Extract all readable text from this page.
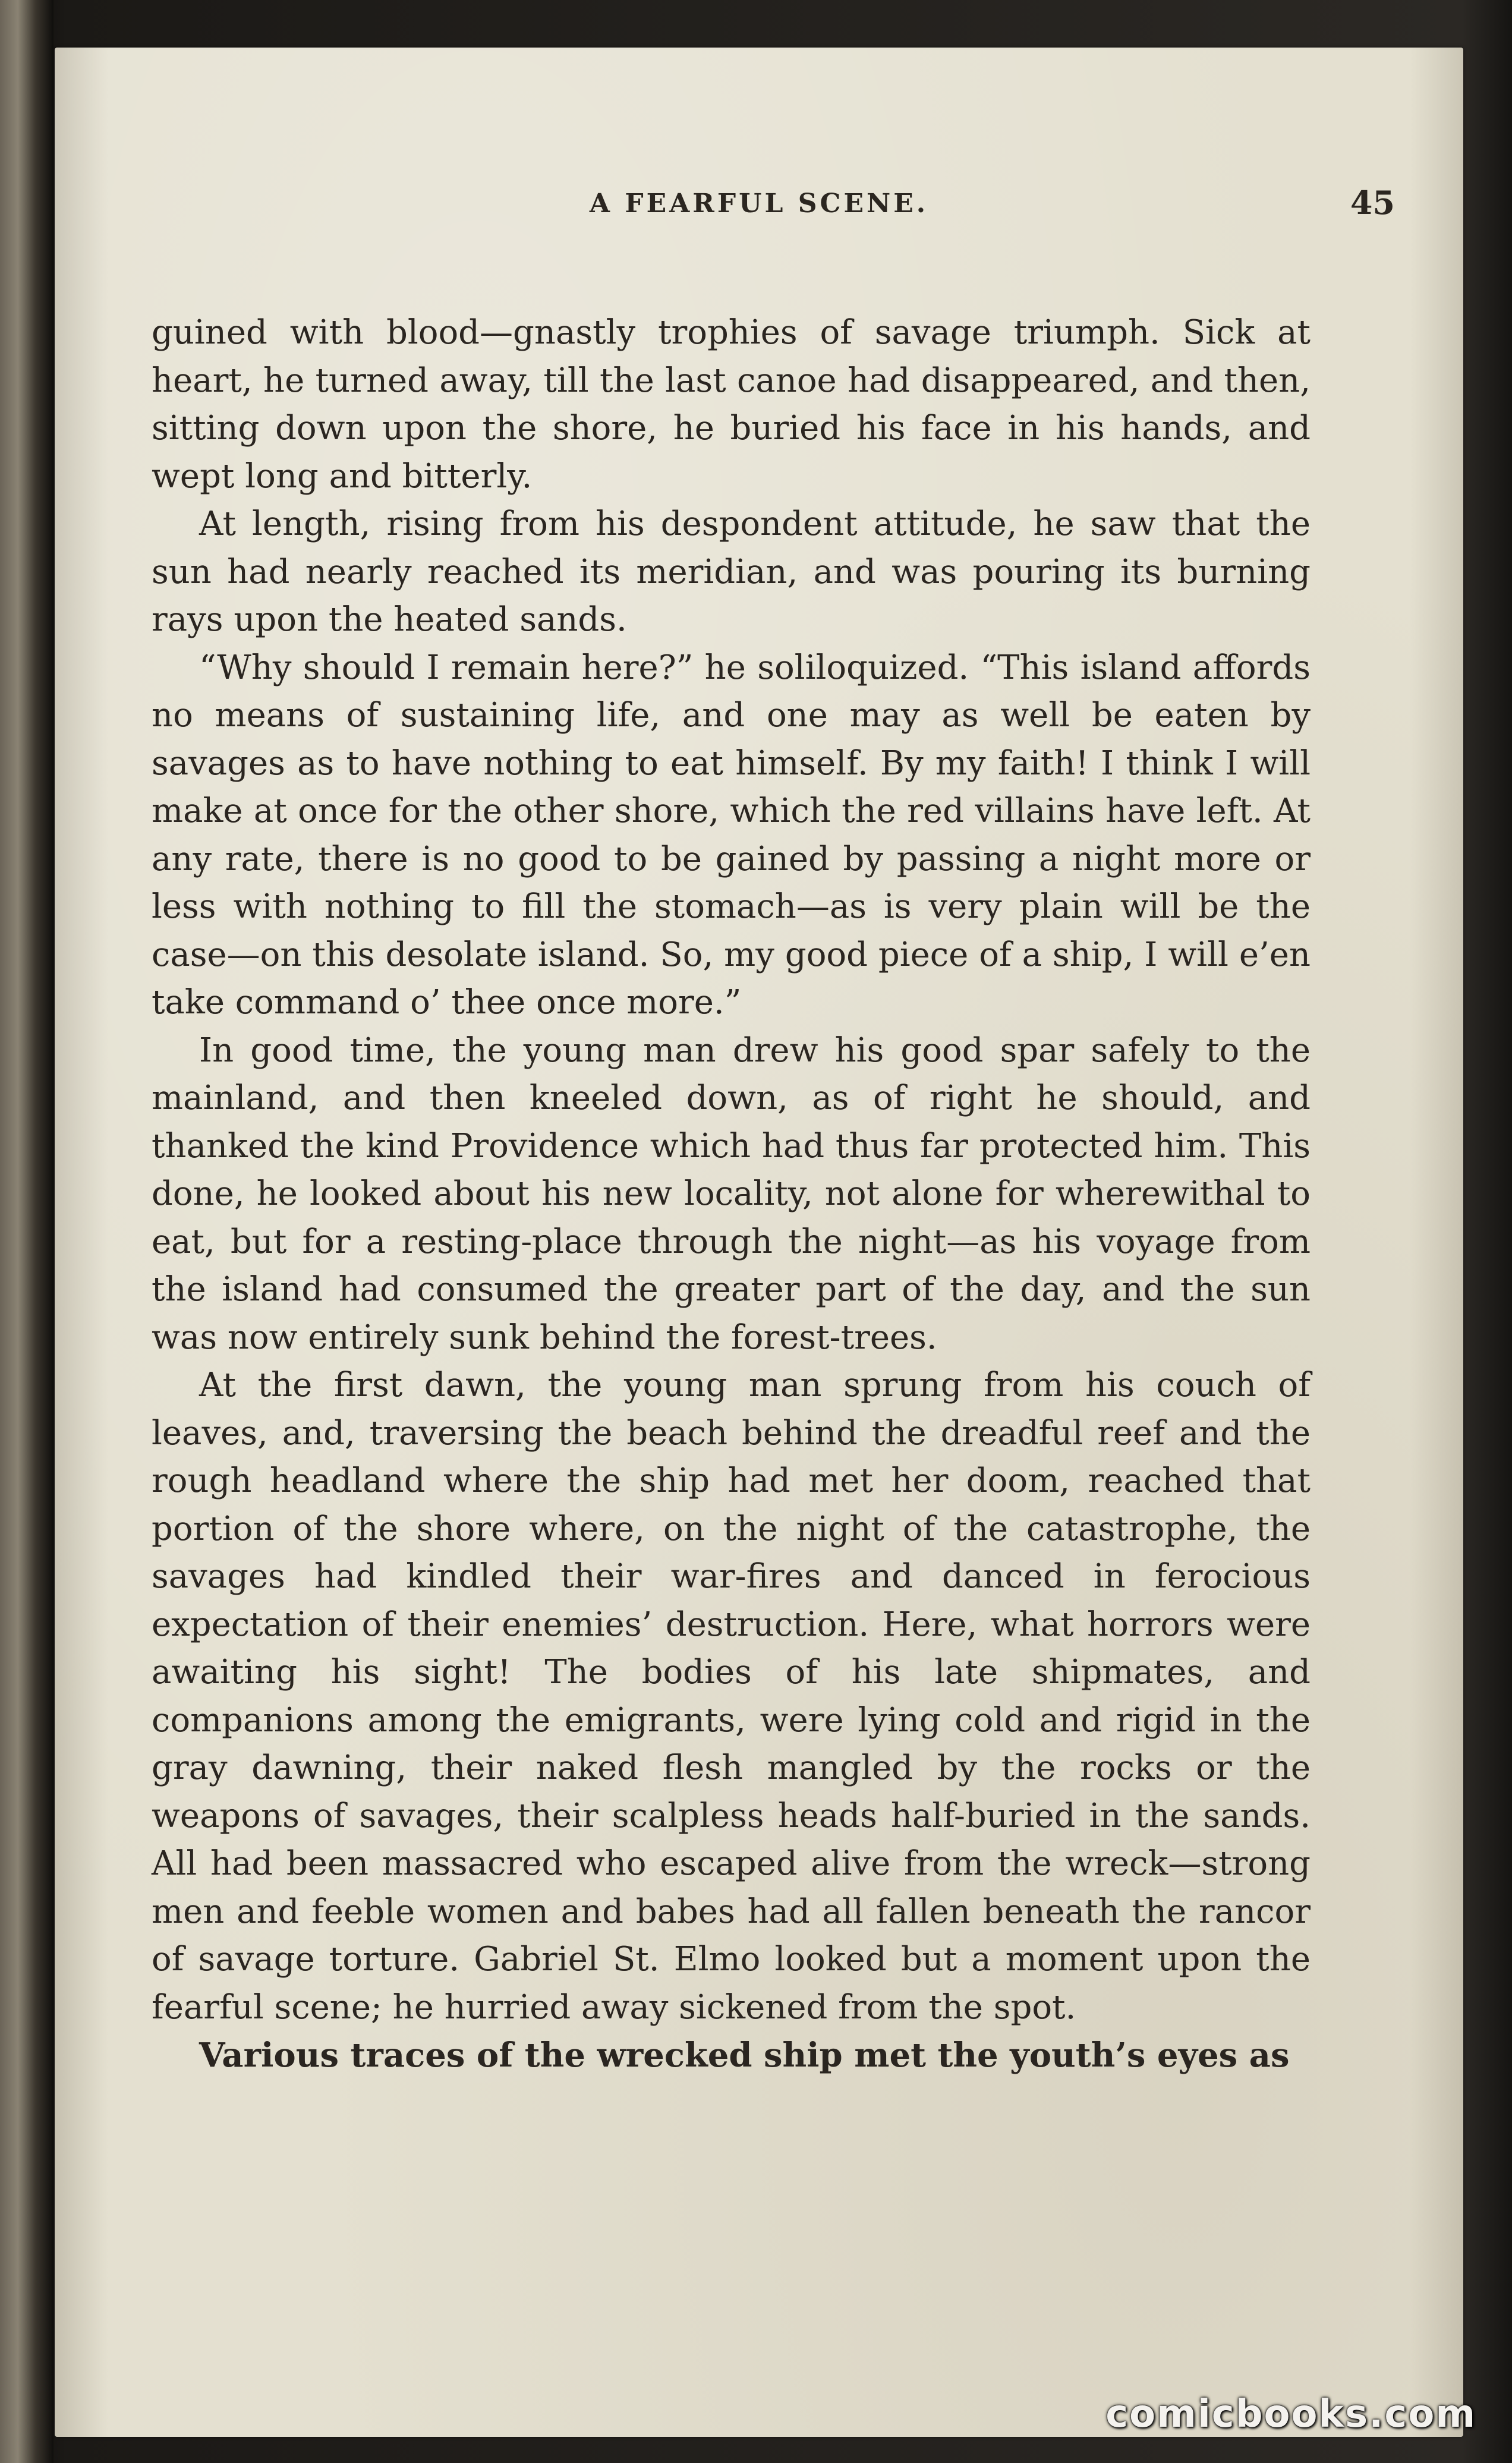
A FEARFUL SCENE.	45

guined with blood—gnastly trophies of savage triumph. Sick at heart, he turned away, till the last canoe had disappeared, and then, sitting down upon the shore, he buried his face in his hands, and wept long and bitterly.

At length, rising from his despondent attitude, he saw that the sun had nearly reached its meridian, and was pouring its burning rays upon the heated sands.

“Why should I remain here?” he soliloquized. “This island affords no means of sustaining life, and one may as well be eaten by savages as to have nothing to eat himself. By my faith! I think I will make at once for the other shore, which the red villains have left. At any rate, there is no good to be gained by passing a night more or less with nothing to fill the stomach—as is very plain will be the case—on this desolate island. So, my good piece of a ship, I will e’en take command o’ thee once more.”

In good time, the young man drew his good spar safely to the mainland, and then kneeled down, as of right he should, and thanked the kind Providence which had thus far protected him. This done, he looked about his new locality, not alone for wherewithal to eat, but for a resting-place through the night—as his voyage from the island had consumed the greater part of the day, and the sun was now entirely sunk behind the forest-trees.

At the first dawn, the young man sprung from his couch of leaves, and, traversing the beach behind the dreadful reef and the rough headland where the ship had met her doom, reached that portion of the shore where, on the night of the catastrophe, the savages had kindled their war-fires and danced in ferocious expectation of their enemies’ destruction. Here, what horrors were awaiting his sight! The bodies of his late shipmates, and companions among the emigrants, were lying cold and rigid in the gray dawning, their naked flesh mangled by the rocks or the weapons of savages, their scalpless heads half-buried in the sands. All had been massacred who escaped alive from the wreck—strong men and feeble women and babes had all fallen beneath the rancor of savage torture. Gabriel St. Elmo looked but a moment upon the fearful scene; he hurried away sickened from the spot.

Various traces of the wrecked ship met the youth’s eyes as

comicbooks.com
